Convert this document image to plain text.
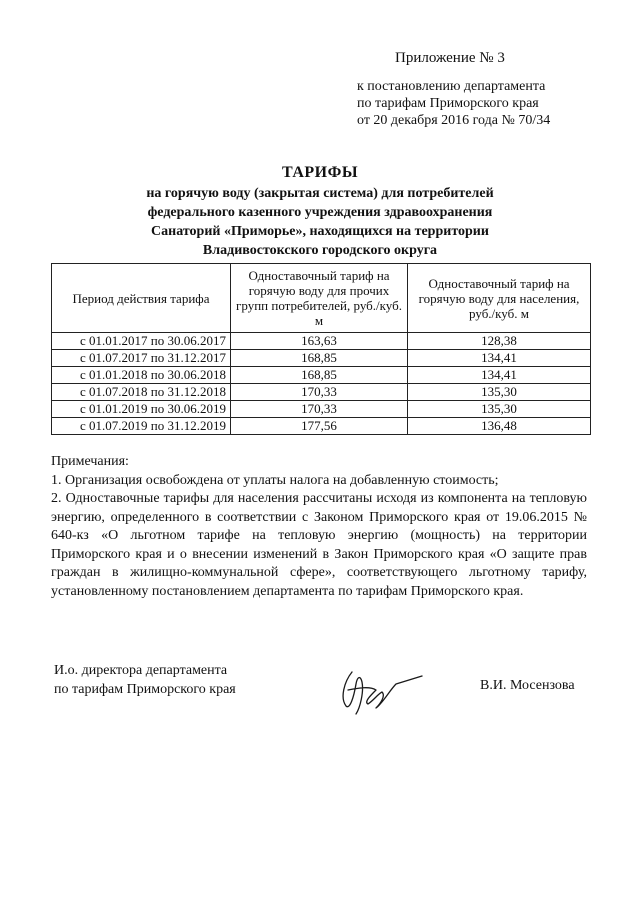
Приложение № 3
к постановлению департамента
по тарифам Приморского края
от 20 декабря 2016 года № 70/34
ТАРИФЫ
на горячую воду (закрытая система) для потребителей
федерального казенного учреждения здравоохранения
Санаторий «Приморье», находящихся на территории
Владивостокского городского округа
Период действия тарифа	Одноставочный тариф на горячую воду для прочих групп потребителей, руб./куб. м	Одноставочный тариф на горячую воду для населения, руб./куб. м
с 01.01.2017 по 30.06.2017	163,63	128,38
с 01.07.2017 по 31.12.2017	168,85	134,41
с 01.01.2018 по 30.06.2018	168,85	134,41
с 01.07.2018 по 31.12.2018	170,33	135,30
с 01.01.2019 по 30.06.2019	170,33	135,30
с 01.07.2019 по 31.12.2019	177,56	136,48
Примечания:
1. Организация освобождена от уплаты налога на добавленную стоимость;
2. Одноставочные тарифы для населения рассчитаны исходя из компонента на тепловую энергию, определенного в соответствии с Законом Приморского края от 19.06.2015 № 640-кз «О льготном тарифе на тепловую энергию (мощность) на территории Приморского края и о внесении изменений в Закон Приморского края «О защите прав граждан в жилищно-коммунальной сфере», соответствующего льготному тарифу, установленному постановлением департамента по тарифам Приморского края.
И.о. директора департамента
по тарифам Приморского края	В.И. Мосензова
